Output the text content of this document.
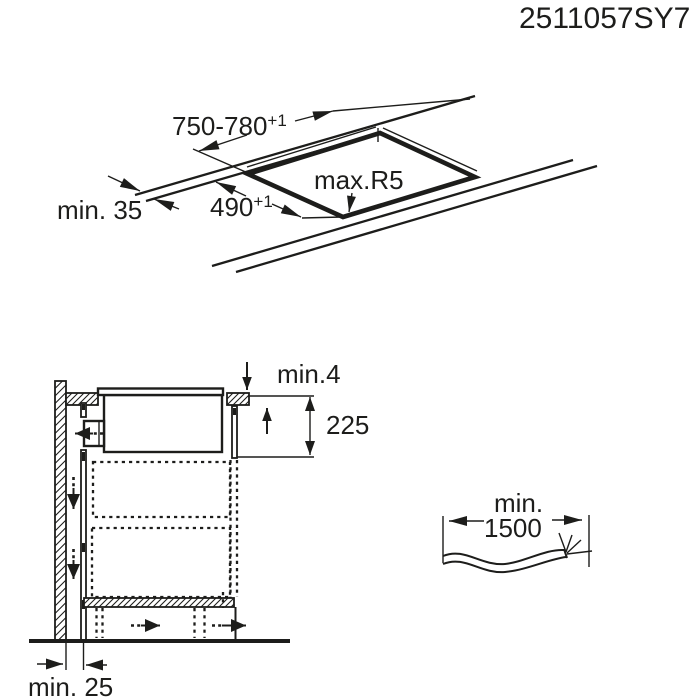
2511057SY7
$750-780^{+1}$
$490^{+1}$
max.R5
min. 35
min.4
225
min. 25
min.
1500
